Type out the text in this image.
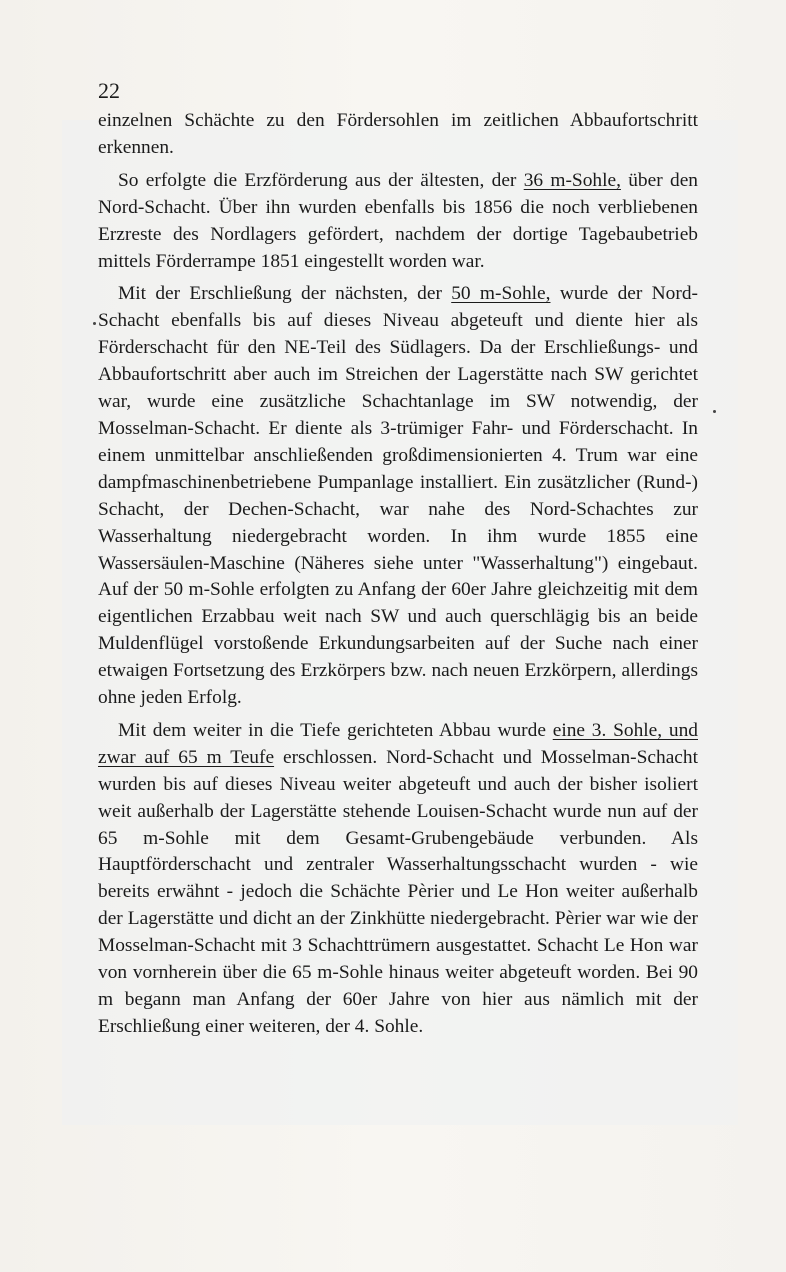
22

einzelnen Schächte zu den Fördersohlen im zeitlichen Abbaufortschritt erkennen.

So erfolgte die Erzförderung aus der ältesten, der 36 m-Sohle, über den Nord-Schacht. Über ihn wurden ebenfalls bis 1856 die noch verbliebenen Erzreste des Nordlagers gefördert, nachdem der dortige Tagebaubetrieb mittels Förderrampe 1851 eingestellt worden war.

Mit der Erschließung der nächsten, der 50 m-Sohle, wurde der Nord-Schacht ebenfalls bis auf dieses Niveau abgeteuft und diente hier als Förderschacht für den NE-Teil des Südlagers. Da der Erschließungs- und Abbaufortschritt aber auch im Streichen der Lagerstätte nach SW gerichtet war, wurde eine zusätzliche Schachtanlage im SW notwendig, der Mosselman-Schacht. Er diente als 3-trümiger Fahr- und Förderschacht. In einem unmittelbar anschließenden großdimensionierten 4. Trum war eine dampfmaschinenbetriebene Pumpanlage installiert. Ein zusätzlicher (Rund-) Schacht, der Dechen-Schacht, war nahe des Nord-Schachtes zur Wasserhaltung niedergebracht worden. In ihm wurde 1855 eine Wassersäulen-Maschine (Näheres siehe unter "Wasserhaltung") eingebaut. Auf der 50 m-Sohle erfolgten zu Anfang der 60er Jahre gleichzeitig mit dem eigentlichen Erzabbau weit nach SW und auch querschlägig bis an beide Muldenflügel vorstoßende Erkundungsarbeiten auf der Suche nach einer etwaigen Fortsetzung des Erzkörpers bzw. nach neuen Erzkörpern, allerdings ohne jeden Erfolg.

Mit dem weiter in die Tiefe gerichteten Abbau wurde eine 3. Sohle, und zwar auf 65 m Teufe erschlossen. Nord-Schacht und Mosselman-Schacht wurden bis auf dieses Niveau weiter abgeteuft und auch der bisher isoliert weit außerhalb der Lagerstätte stehende Louisen-Schacht wurde nun auf der 65 m-Sohle mit dem Gesamt-Grubengebäude verbunden. Als Hauptförderschacht und zentraler Wasserhaltungsschacht wurden - wie bereits erwähnt - jedoch die Schächte Pèrier und Le Hon weiter außerhalb der Lagerstätte und dicht an der Zinkhütte niedergebracht. Pèrier war wie der Mosselman-Schacht mit 3 Schachttrümern ausgestattet. Schacht Le Hon war von vornherein über die 65 m-Sohle hinaus weiter abgeteuft worden. Bei 90 m begann man Anfang der 60er Jahre von hier aus nämlich mit der Erschließung einer weiteren, der 4. Sohle.
